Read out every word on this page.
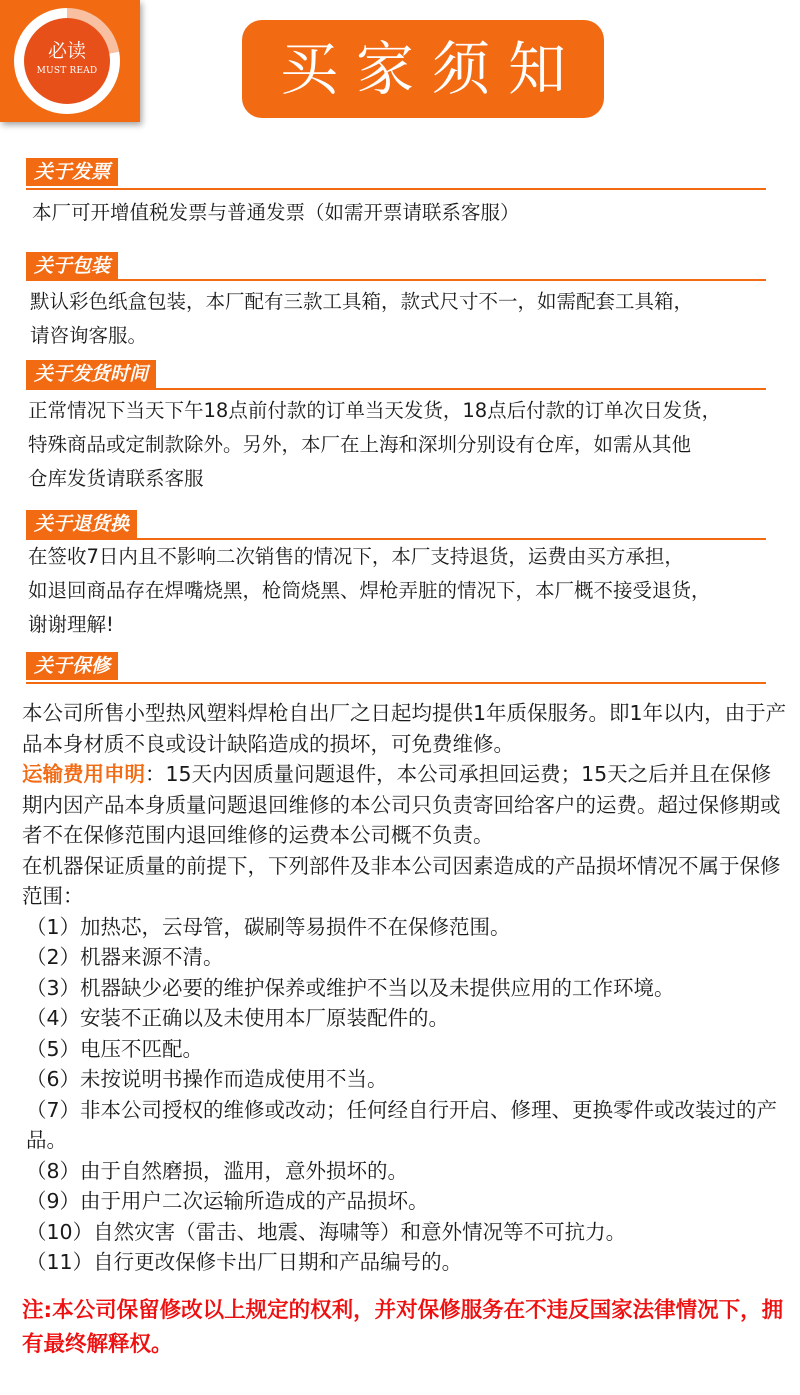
必读
MUST READ	买家须知
关于发票
本厂可开增值税发票与普通发票（如需开票请联系客服）
关于包装
默认彩色纸盒包装，本厂配有三款工具箱，款式尺寸不一，如需配套工具箱，
请咨询客服。
关于发货时间
正常情况下当天下午18点前付款的订单当天发货，18点后付款的订单次日发货，
特殊商品或定制款除外。另外，本厂在上海和深圳分别设有仓库，如需从其他
仓库发货请联系客服
关于退货换
在签收7日内且不影响二次销售的情况下，本厂支持退货，运费由买方承担，
如退回商品存在焊嘴烧黑，枪筒烧黑、焊枪弄脏的情况下，本厂概不接受退货，
谢谢理解!
关于保修
本公司所售小型热风塑料焊枪自出厂之日起均提供1年质保服务。即1年以内，由于产品本身材质不良或设计缺陷造成的损坏，可免费维修。
运输费用申明：15天内因质量问题退件，本公司承担回运费；15天之后并且在保修期内因产品本身质量问题退回维修的本公司只负责寄回给客户的运费。超过保修期或者不在保修范围内退回维修的运费本公司概不负责。
在机器保证质量的前提下，下列部件及非本公司因素造成的产品损坏情况不属于保修范围：
（1）加热芯，云母管，碳刷等易损件不在保修范围。
（2）机器来源不清。
（3）机器缺少必要的维护保养或维护不当以及未提供应用的工作环境。
（4）安装不正确以及未使用本厂原装配件的。
（5）电压不匹配。
（6）未按说明书操作而造成使用不当。
（7）非本公司授权的维修或改动；任何经自行开启、修理、更换零件或改装过的产品。
（8）由于自然磨损，滥用，意外损坏的。
（9）由于用户二次运输所造成的产品损坏。
（10）自然灾害（雷击、地震、海啸等）和意外情况等不可抗力。
（11）自行更改保修卡出厂日期和产品编号的。
注:本公司保留修改以上规定的权利，并对保修服务在不违反国家法律情况下，拥有最终解释权。
